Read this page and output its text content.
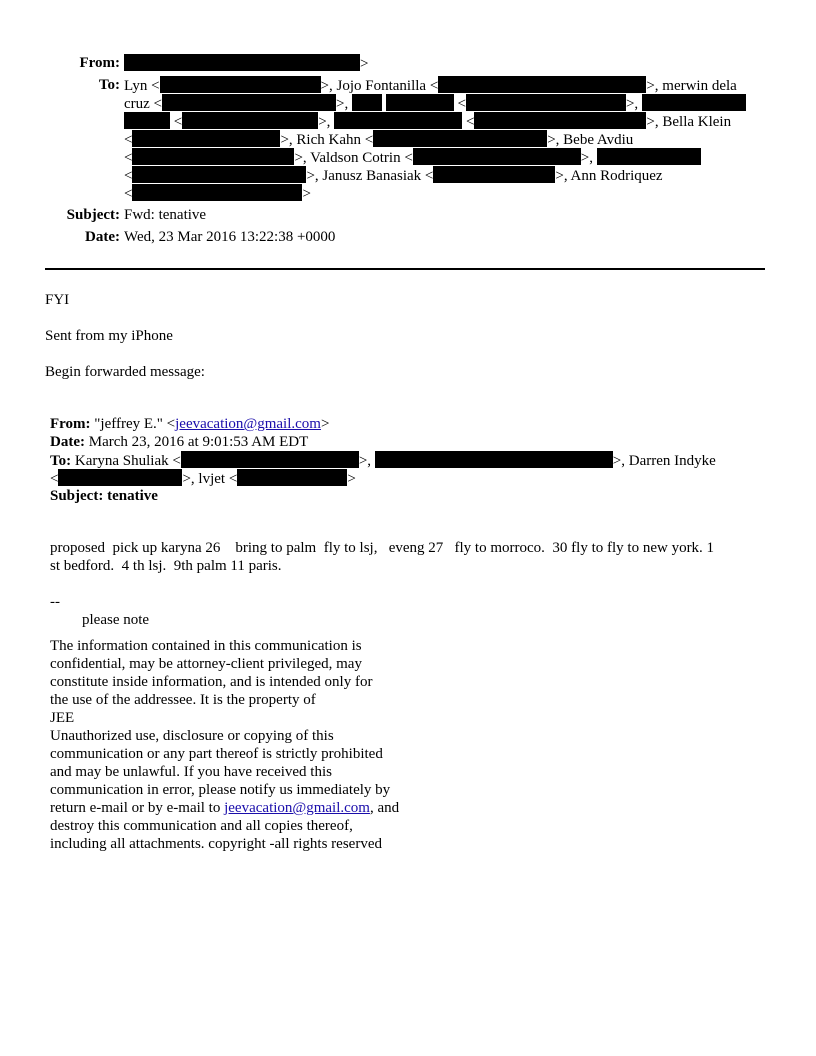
From:	>
To: Lyn <	>, Jojo Fontanilla <	>, merwin dela
cruz <	>,	<	>,
<	>,	<	>, Bella Klein
<	>, Rich Kahn <	>, Bebe Avdiu
<	>, Valdson Cotrin <	>,
<	>, Janusz Banasiak <	>, Ann Rodriquez
<	>
Subject: Fwd: tenative
Date: Wed, 23 Mar 2016 13:22:38 +0000
FYI
Sent from my iPhone
Begin forwarded message:
From: "jeffrey E." <jeevacation@gmail.com>
Date: March 23, 2016 at 9:01:53 AM EDT
To: Karyna Shuliak <	>,	>, Darren Indyke
<	>, lvjet <	>
Subject: tenative
proposed  pick up karyna 26    bring to palm  fly to lsj,   eveng 27   fly to morroco.  30 fly to fly to new york. 1
st bedford.  4 th lsj.  9th palm 11 paris.
--
please note
The information contained in this communication is
confidential, may be attorney-client privileged, may
constitute inside information, and is intended only for
the use of the addressee. It is the property of
JEE
Unauthorized use, disclosure or copying of this
communication or any part thereof is strictly prohibited
and may be unlawful. If you have received this
communication in error, please notify us immediately by
return e-mail or by e-mail to jeevacation@gmail.com, and
destroy this communication and all copies thereof,
including all attachments. copyright -all rights reserved
